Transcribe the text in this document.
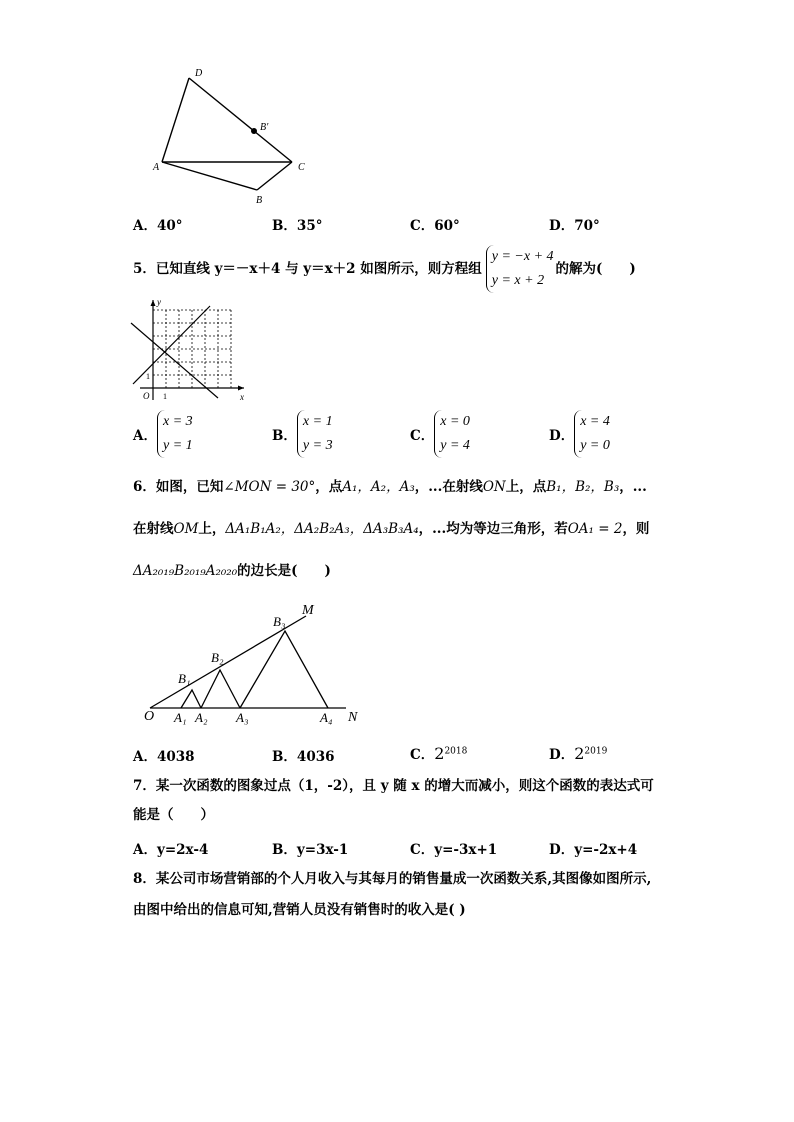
D
B′
A	C
B
A．40°	B．35°	C．60°	D．70°
5．已知直线 y＝－x＋4 与 y＝x＋2 如图所示，则方程组
y = −x + 4
y = x + 2
的解为(　　)
y
x
O 1
1
A．
x = 3
y = 1
B．
x = 1
y = 3
C．
x = 0
y = 4
D．
x = 4
y = 0
6．如图，已知∠MON = 30°，点A₁，A₂，A₃，...在射线ON上，点B₁，B₂，B₃，...
在射线OM上，ΔA₁B₁A₂，ΔA₂B₂A₃，ΔA₃B₃A₄，...均为等边三角形，若OA₁ = 2，则
ΔA₂₀₁₉B₂₀₁₉A₂₀₂₀的边长是(　　)
M
N
O A₁ A₂ A₃	A₄
B₁
B₂
B₃
A．4038	B．4036	C．$2^{2018}$	D．$2^{2019}$
7．某一次函数的图象过点（1，-2），且 y 随 x 的增大而减小，则这个函数的表达式可
能是（　　）
A．y=2x-4	B．y=3x-1	C．y=-3x+1	D．y=-2x+4
8．某公司市场营销部的个人月收入与其每月的销售量成一次函数关系,其图像如图所示,
由图中给出的信息可知,营销人员没有销售时的收入是( )
